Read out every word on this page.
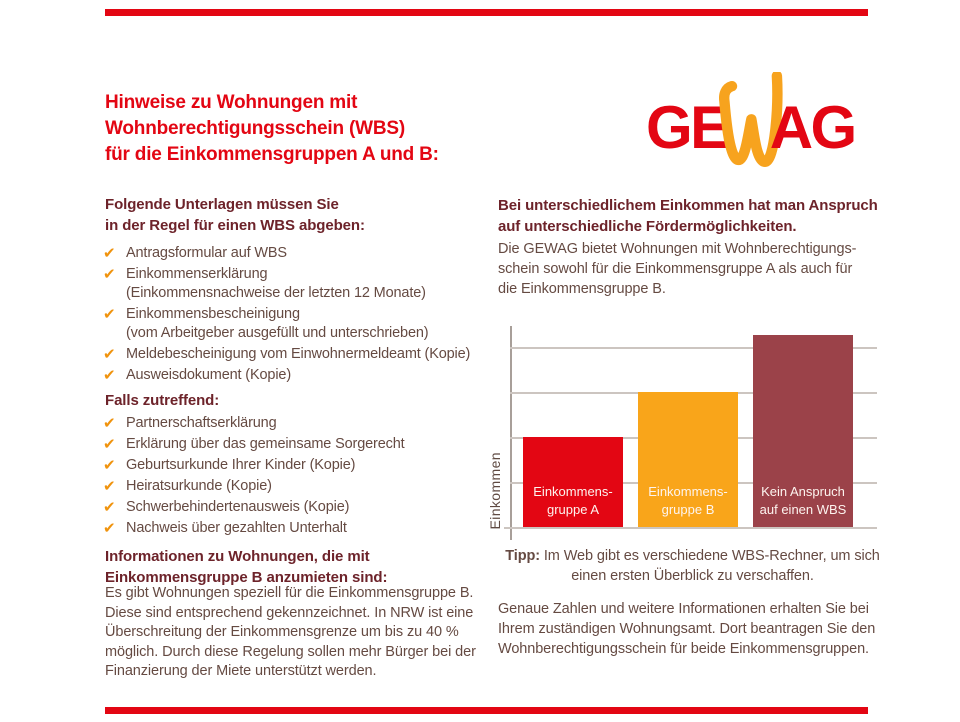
Hinweise zu Wohnungen mit
Wohnberechtigungsschein (WBS)
für die Einkommensgruppen A und B:	GE AG
Folgende Unterlagen müssen Sie
in der Regel für einen WBS abgeben:
✔ Antragsformular auf WBS
✔ Einkommenserklärung
(Einkommensnachweise der letzten 12 Monate)
✔ Einkommensbescheinigung
(vom Arbeitgeber ausgefüllt und unterschrieben)
✔ Meldebescheinigung vom Einwohnermeldeamt (Kopie)
✔ Ausweisdokument (Kopie)
Falls zutreffend:
✔ Partnerschaftserklärung
✔ Erklärung über das gemeinsame Sorgerecht
✔ Geburtsurkunde Ihrer Kinder (Kopie)
✔ Heiratsurkunde (Kopie)
✔ Schwerbehindertenausweis (Kopie)
✔ Nachweis über gezahlten Unterhalt
Informationen zu Wohnungen, die mit
Einkommensgruppe B anzumieten sind:
Es gibt Wohnungen speziell für die Einkommensgruppe B.
Diese sind entsprechend gekennzeichnet. In NRW ist eine
Überschreitung der Einkommensgrenze um bis zu 40 %
möglich. Durch diese Regelung sollen mehr Bürger bei der
Finanzierung der Miete unterstützt werden.
Bei unterschiedlichem Einkommen hat man Anspruch
auf unterschiedliche Fördermöglichkeiten.
Die GEWAG bietet Wohnungen mit Wohnberechtigungs-
schein sowohl für die Einkommensgruppe A als auch für
die Einkommensgruppe B.
Einkommen	Einkommens-
gruppe A
Einkommens-
gruppe B
Kein Anspruch
auf einen WBS
Tipp: Im Web gibt es verschiedene WBS-Rechner, um sich
einen ersten Überblick zu verschaffen.
Genaue Zahlen und weitere Informationen erhalten Sie bei
Ihrem zuständigen Wohnungsamt. Dort beantragen Sie den
Wohnberechtigungsschein für beide Einkommensgruppen.
